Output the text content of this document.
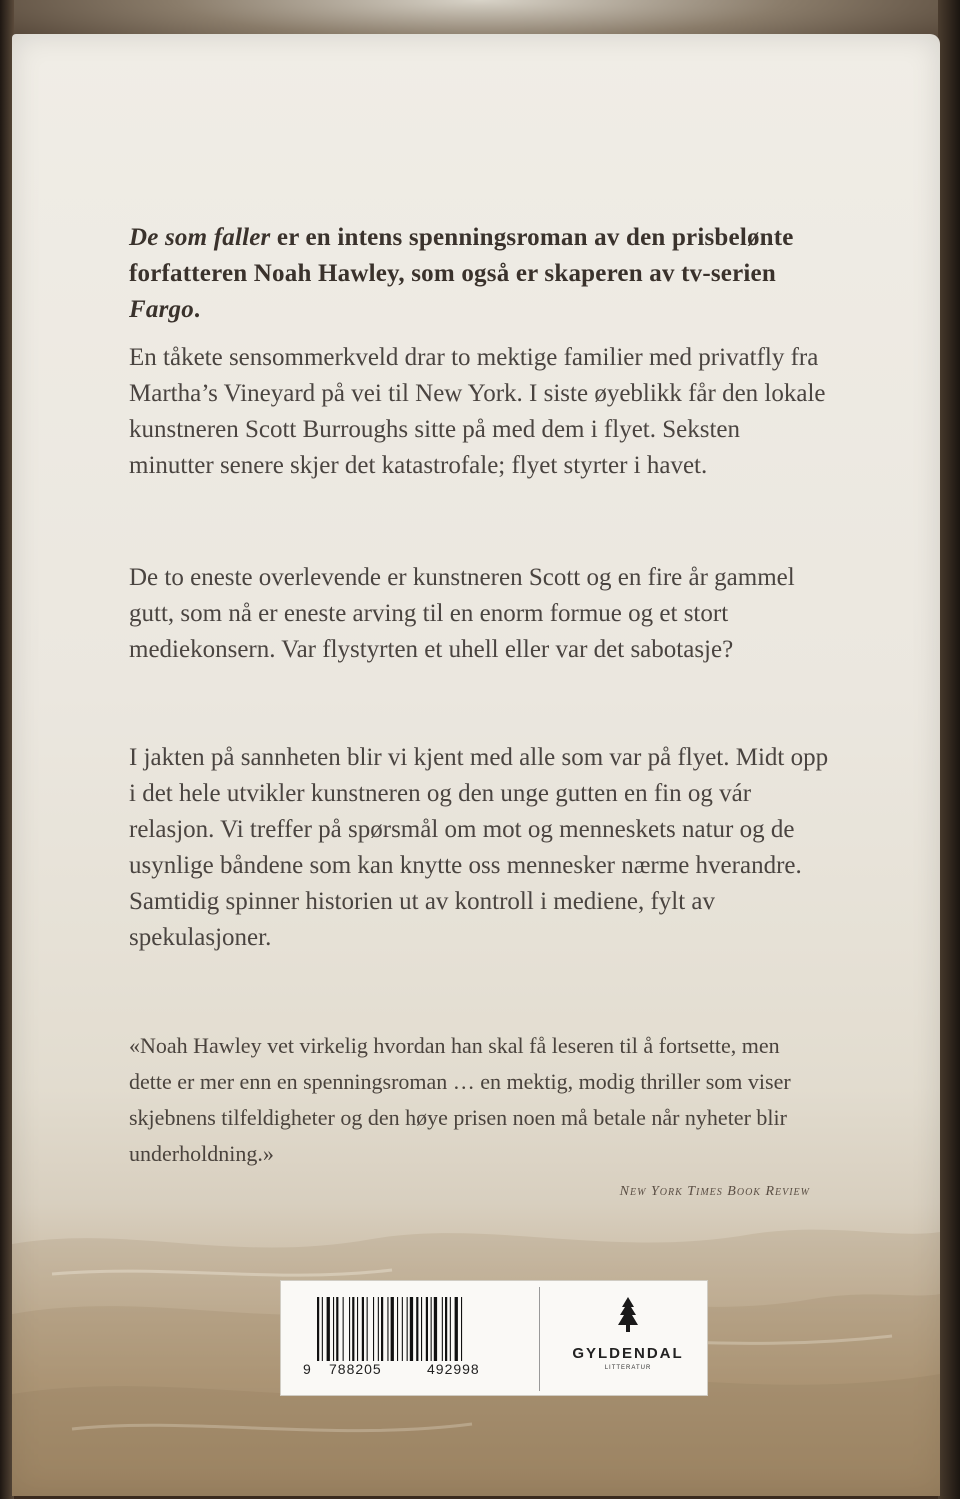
De som faller er en intens spenningsroman av den prisbelønte forfatteren Noah Hawley, som også er skaperen av tv-serien Fargo.
En tåkete sensommerkveld drar to mektige familier med privatfly fra Martha’s Vineyard på vei til New York. I siste øyeblikk får den lokale kunstneren Scott Burroughs sitte på med dem i flyet. Seksten minutter senere skjer det katastrofale; flyet styrter i havet.
De to eneste overlevende er kunstneren Scott og en fire år gammel gutt, som nå er eneste arving til en enorm formue og et stort mediekonsern. Var flystyrten et uhell eller var det sabotasje?
I jakten på sannheten blir vi kjent med alle som var på flyet. Midt opp i det hele utvikler kunstneren og den unge gutten en fin og vár relasjon. Vi treffer på spørsmål om mot og menneskets natur og de usynlige båndene som kan knytte oss mennesker nærme hverandre. Samtidig spinner historien ut av kontroll i mediene, fylt av spekulasjoner.
«Noah Hawley vet virkelig hvordan han skal få leseren til å fortsette, men dette er mer enn en spenningsroman … en mektig, modig thriller som viser skjebnens tilfeldigheter og den høye prisen noen må betale når nyheter blir underholdning.»
New York Times Book Review
9	788205	492998
GYLDENDAL
LITTERATUR
